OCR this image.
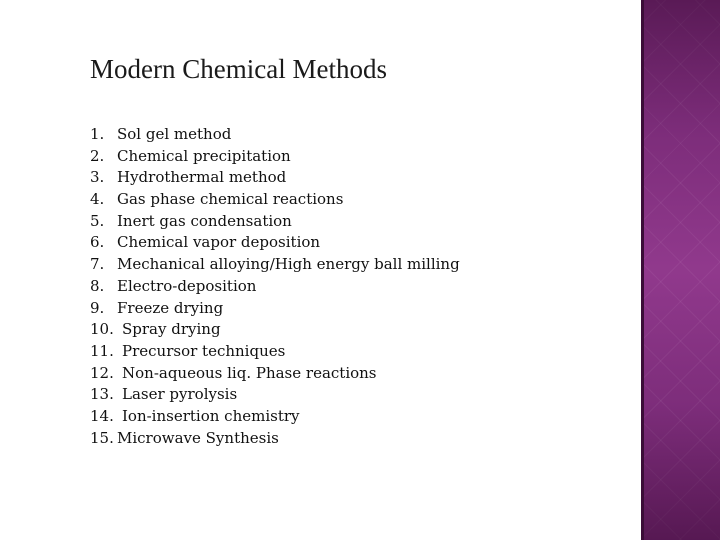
Modern Chemical Methods
1. Sol gel method
2. Chemical precipitation
3. Hydrothermal method
4. Gas phase chemical reactions
5. Inert gas condensation
6. Chemical vapor deposition
7. Mechanical alloying/High energy ball milling
8. Electro-deposition
9. Freeze drying
10. Spray drying
11. Precursor techniques
12. Non-aqueous liq. Phase reactions
13. Laser pyrolysis
14. Ion-insertion chemistry
15. Microwave Synthesis
